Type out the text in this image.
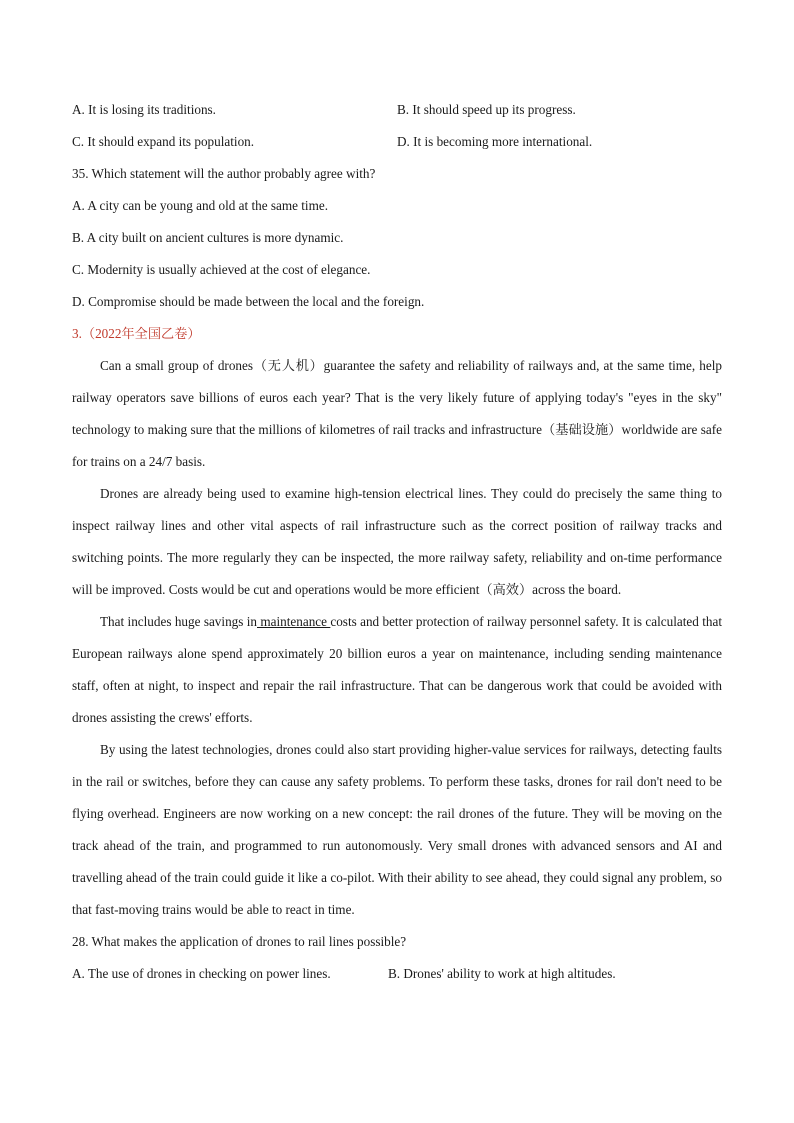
A. It is losing its traditions.	B. It should speed up its progress.
C. It should expand its population.	D. It is becoming more international.
35. Which statement will the author probably agree with?
A. A city can be young and old at the same time.
B. A city built on ancient cultures is more dynamic.
C. Modernity is usually achieved at the cost of elegance.
D. Compromise should be made between the local and the foreign.
3.（2022年全国乙卷）

Can a small group of drones（无人机）guarantee the safety and reliability of railways and, at the same time, help railway operators save billions of euros each year? That is the very likely future of applying today's "eyes in the sky" technology to making sure that the millions of kilometres of rail tracks and infrastructure（基础设施）worldwide are safe for trains on a 24/7 basis.

Drones are already being used to examine high-tension electrical lines. They could do precisely the same thing to inspect railway lines and other vital aspects of rail infrastructure such as the correct position of railway tracks and switching points. The more regularly they can be inspected, the more railway safety, reliability and on-time performance will be improved. Costs would be cut and operations would be more efficient（高效）across the board.

That includes huge savings in maintenance costs and better protection of railway personnel safety. It is calculated that European railways alone spend approximately 20 billion euros a year on maintenance, including sending maintenance staff, often at night, to inspect and repair the rail infrastructure. That can be dangerous work that could be avoided with drones assisting the crews' efforts.

By using the latest technologies, drones could also start providing higher-value services for railways, detecting faults in the rail or switches, before they can cause any safety problems. To perform these tasks, drones for rail don't need to be flying overhead. Engineers are now working on a new concept: the rail drones of the future. They will be moving on the track ahead of the train, and programmed to run autonomously. Very small drones with advanced sensors and AI and travelling ahead of the train could guide it like a co-pilot. With their ability to see ahead, they could signal any problem, so that fast-moving trains would be able to react in time.

28. What makes the application of drones to rail lines possible?
A. The use of drones in checking on power lines.	B. Drones' ability to work at high altitudes.
